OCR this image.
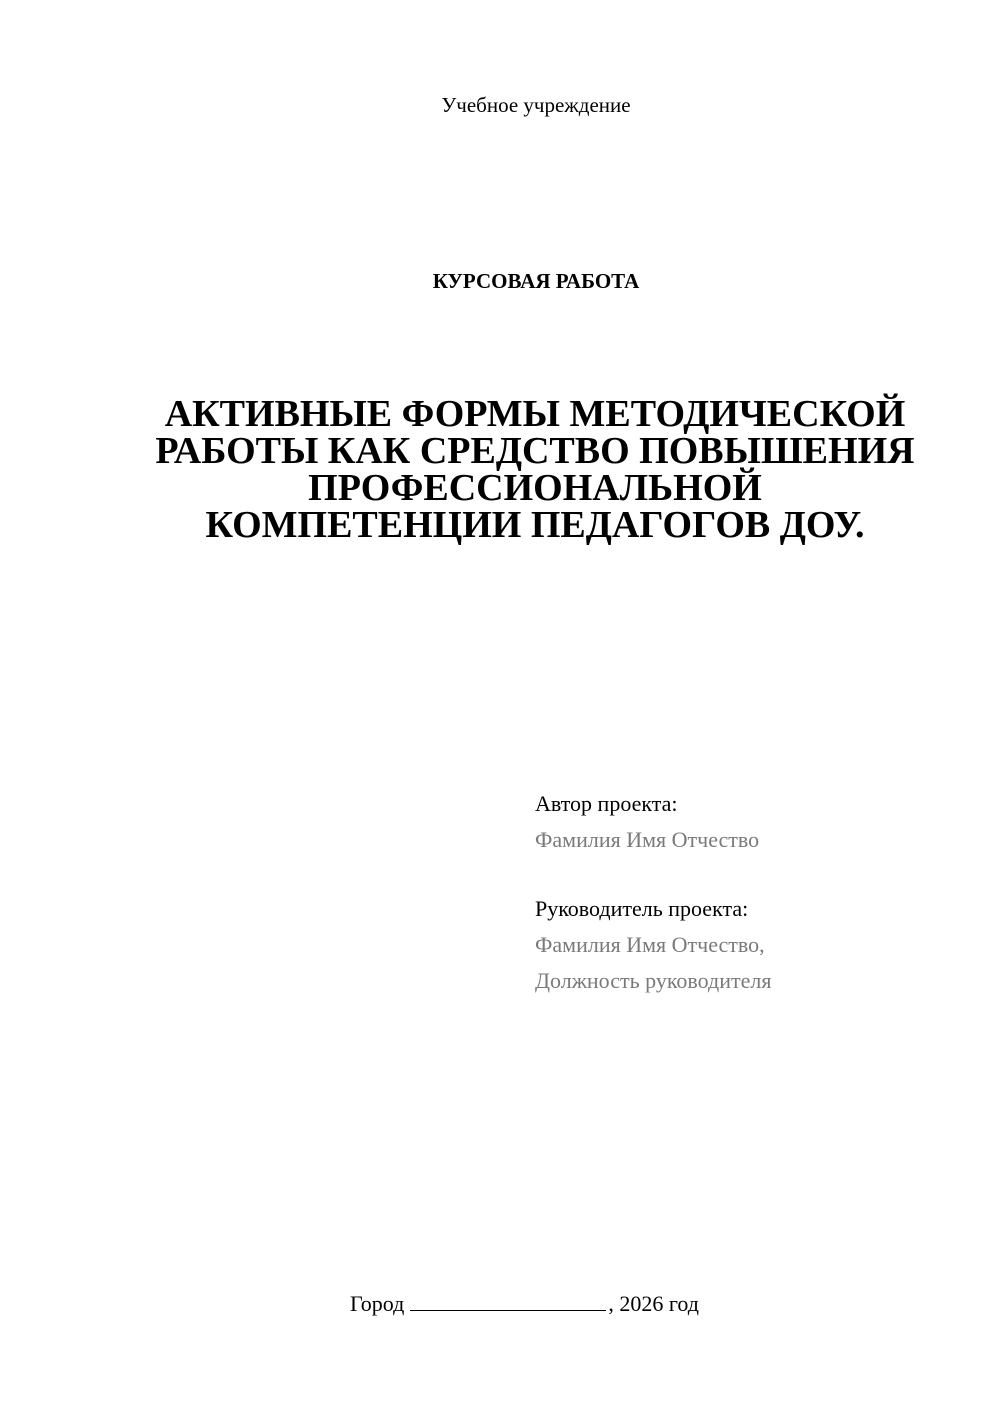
Учебное учреждение
КУРСОВАЯ РАБОТА
АКТИВНЫЕ ФОРМЫ МЕТОДИЧЕСКОЙ
РАБОТЫ КАК СРЕДСТВО ПОВЫШЕНИЯ
ПРОФЕССИОНАЛЬНОЙ
КОМПЕТЕНЦИИ ПЕДАГОГОВ ДОУ.
Автор проекта:
Фамилия Имя Отчество
Руководитель проекта:
Фамилия Имя Отчество,
Должность руководителя
Город	, 2026 год
